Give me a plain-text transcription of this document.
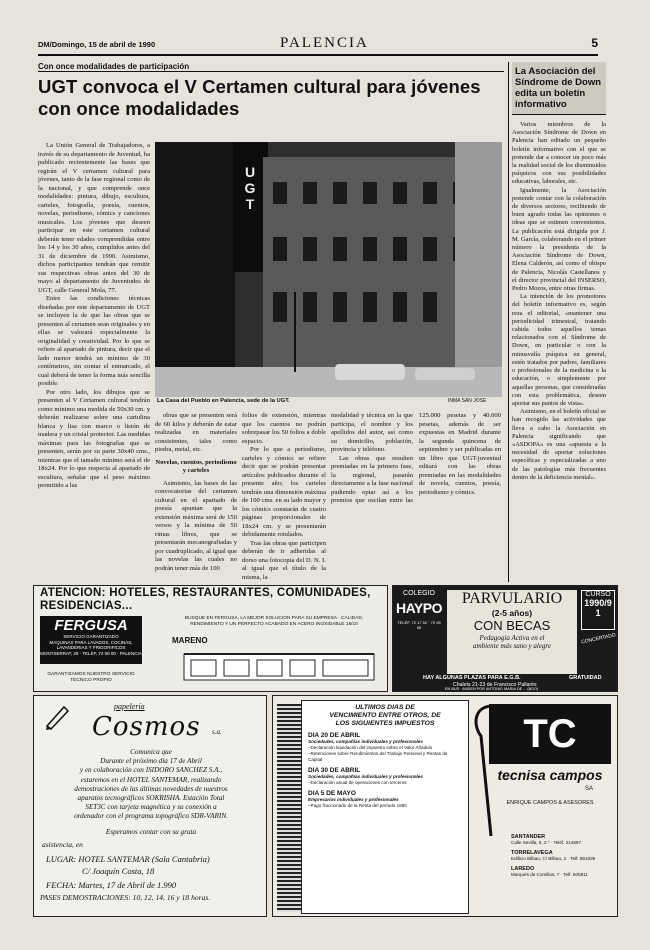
DM/Domingo, 15 de abril de 1990	PALENCIA	5
Con once modalidades de participación
UGT convoca el V Certamen cultural para jóvenes con once modalidades

La Unión General de Trabajadores, a través de su departamento de Juventud, ha publicado recientemente las bases que regirán el V certamen cultural para jóvenes, tanto de la fase regional como de la nacional, y que comprende once modalidades: pintura, dibujo, escultura, carteles, fotografía, poesía, cuentos, novelas, periodismo, cómics y canciones musicales. Los jóvenes que deseen participar en este certamen cultural deberán tener edades comprendidas entre los 14 y los 30 años, cumplidos antes del 31 de diciembre de 1990. Asimismo, dichos participantes tendrán que remitir sus respectivas obras antes del 30 de mayo al departamento de Juventudes de UGT, calle General Mola, 77.

Entre las condiciones técnicas diseñadas por este departamento de UGT se incluyen la de que las obras que se presenten al certamen sean originales y en ellas se valorará especialmente la originalidad y creatividad. Por lo que se refiere al apartado de pintura, decir que el lado menor tendrá un mínimo de 30 centímetros, sin contar el enmarcado, el cual deberá de tener la forma más sencilla posible.

Por otro lado, los dibujos que se presenten al V Certamen cultural tendrán como mínimo una medida de 50x30 cm. y deberán realizarse sobre una cartulina blanca y lisa con marco o listón de madera y un cristal protector. Las medidas máximas para las fotografías que se presenten, serán por su parte 30x40 cms., mientras que el tamaño mínimo será el de 18x24. Por lo que respecta al apartado de escultura, señalar que el peso máximo permitido a las

UGT
La Casa del Pueblo en Palencia, sede de la UGT.	INMA SAN JOSE

obras que se presenten será de 60 kilos y deberán de estar realizadas en materiales consistentes, tales como piedra, metal, etc.

Novelas, cuentos, periodismo y carteles

Asimismo, las bases de las convocatorias del certamen cultural en el apartado de poesía apuntan que la extensión máxima será de 150 versos y la mínima de 50 rimas libres, que se presentarán mecanografiadas y por cuadruplicado, al igual que las novelas las cuales no podrán tener más de 100

folios de extensión, mientras que los cuentos no podrán sobrepasar los 50 folios a doble espacio.

Por lo que a periodismo, carteles y cómics se refiere decir que se podrán presentar artículos publicados durante el presente año; los carteles tendrán una dimensión máxima de 100 cms. en su lado mayor y los cómics constarán de cuatro páginas proporcionales de 18x24 cm. y se presentarán debidamente rotulados.

Tras las obras que participen deberán de ir adheridas al dorso una fotocopia del D. N. I. al igual que el título de la misma, la

modalidad y técnica en la que participa, el nombre y los apellidos del autor, así como su domicilio, población, provincia y teléfono.

Las obras que resulten premiadas en la primera fase, la regional, pasarán directamente a la fase nacional pudiendo optar así a los premios que oscilan entre las 125.000 pesetas y 40.000 pesetas, además de ser expuestas en Madrid durante la segunda quincena de septiembre y ser publicadas en un libro que UGT-juventud editará con las obras premiadas en las modalidades de novela, cuentos, poesía, periodismo y cómics.

La Asociación del Síndrome de Down edita un boletín informativo

Varios miembros de la Asociación Síndrome de Down en Palencia han editado un pequeño boletín informativo con el que se pretende dar a conocer un poco más la realidad social de los disminuidos psíquicos con sus posibilidades educativas, laborales, etc.

Igualmente, la Asociación pretende contar con la colaboración de diversos sectores, recibiendo de buen agrado todas las opiniones o ideas que se estimen convenientes. La publicación está dirigida por J. M. García, colaborando en el primer número la presidenta de la Asociación Síndrome de Down, Elena Calderón, así como el obispo de Palencia, Nicolás Castellanos y el director provincial del INSERSO, Pedro Mozos, entre otras firmas.

La intención de los promotores del boletín informativo es, según reza el editorial, «mantener una periodicidad trimestral, tratando cabida todos aquellos temas relacionados con el Síndrome de Down, en particular o con la minusvalía psíquica en general, estén tratados por padres, familiares o profesionales de la medicina o la educación, o simplemente por aquellas personas, que consideradas con esta problemática, deseen aportar sus puntos de vista».

Asimismo, en el boletín oficial se han recogido las actividades que lleva a cabo la Asociación en Palencia significando que «ASDOPA» es una «apuesta a la necesidad de aportar soluciones específicas y especializadas a uno de las patologías más frecuentes dentro de la deficiencia mental».

ATENCION: HOTELES, RESTAURANTES, COMUNIDADES, RESIDENCIAS...
FERGUSA
SERVICIO GARANTIZADO
MAQUINAS PARA LAVADOS, COCINAS, LAVANDERIAS Y FRIGORIFICOS
MONTSERRAT, 29 · TELÉF. 72 09 00 · PALENCIA
BUSQUE EN FERGUSA, LA MEJOR SOLUCION PARA SU EMPRESA · CALIDAD, RENDIMIENTO Y UN PERFECTO ACABADO EN ACERO INOXIDABLE 18/10
MARENO
GARANTIZAMOS NUESTRO SERVICIO TECNICO PROPIO
COLEGIO
HAYPO
TELÉF. 72 17 52 · 72 05 06
PARVULARIO
(2-5 años)
CON BECAS
Pedagogía Activa en el
ambiente más sano y alegre
CURSO
1990/91
CONCERTADO
HAY ALGUNAS PLAZAS PARA E.G.B.	GRATUIDAD
Chalets 21-23 de Francisco Pallarés
EN BUS · ANDEN POR ANTONIO MARIA DE ... (BDO)
papelería
Cosmos s.a.
Comunica que
Durante el próximo día 17 de Abril
y en colaboración con ISIDORO SANCHEZ S.A.,
estaremos en el HOTEL SANTEMAR, realizando
demostraciones de las últimas novedades de nuestros
aparatos tecnográficos SOKRISHA. Estación Total
SET3C con tarjeta magnética y su conexión a
ordenador con el programa topográfico SDR-VARIN.
Esperamos contar con su grata
asistencia, en
LUGAR: HOTEL SANTEMAR (Sala Cantabria)
C/ Joaquín Costa, 18
FECHA: Martes, 17 de Abril de 1.990
PASES DEMOSTRACIONES: 10, 12, 14, 16 y 18 horas.
ULTIMOS DIAS DE
VENCIMIENTO ENTRE OTROS, DE
LOS SIGUIENTES IMPUESTOS
DIA 20 DE ABRIL
Sociedades, compañías individuales y profesionales
–Declaración liquidación del impuesto sobre el Valor Añadido
–Retenciones sobre Rendimientos del Trabajo Personal y Rentas de Capital
DIA 30 DE ABRIL
Sociedades, compañías individuales y profesionales
–Declaración anual de operaciones con terceros
DIA 5 DE MAYO
Empresarios individuales y profesionales
–Pago fraccionado de la Renta del período 1990
TC
tecnisa campos
SA
ENRIQUE CAMPOS & ASESORES
SANTANDER
Calle Sevilla, 5, 2.º · Teléf. 214697
TORRELAVEGA
Edificio Bilbao, C/ Bilbao, 2 · Telf. 881839
LAREDO
Marqués de Comillas, 7 · Telf. 605811
